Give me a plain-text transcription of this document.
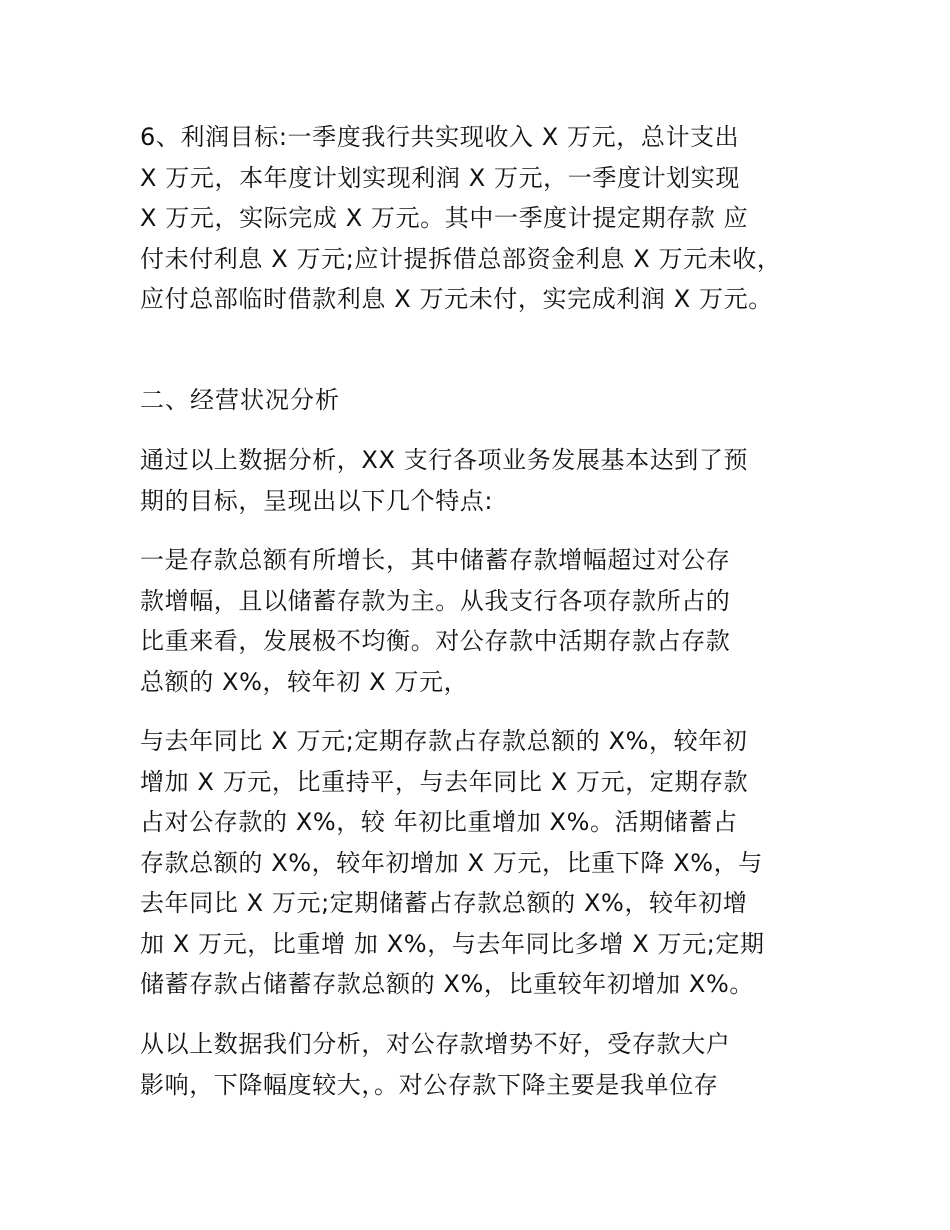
6、利润目标:一季度我行共实现收入 X 万元，总计支出
X 万元，本年度计划实现利润 X 万元，一季度计划实现
X 万元，实际完成 X 万元。其中一季度计提定期存款 应
付未付利息 X 万元;应计提拆借总部资金利息 X 万元未收，
应付总部临时借款利息 X 万元未付，实完成利润 X 万元。
二、经营状况分析
通过以上数据分析，XX 支行各项业务发展基本达到了预
期的目标，呈现出以下几个特点:
一是存款总额有所增长，其中储蓄存款增幅超过对公存
款增幅，且以储蓄存款为主。从我支行各项存款所占的
比重来看，发展极不均衡。对公存款中活期存款占存款
总额的 X%，较年初 X 万元，
与去年同比 X 万元;定期存款占存款总额的 X%，较年初
增加 X 万元，比重持平，与去年同比 X 万元，定期存款
占对公存款的 X%，较 年初比重增加 X%。活期储蓄占
存款总额的 X%，较年初增加 X 万元，比重下降 X%，与
去年同比 X 万元;定期储蓄占存款总额的 X%，较年初增
加 X 万元，比重增 加 X%，与去年同比多增 X 万元;定期
储蓄存款占储蓄存款总额的 X%，比重较年初增加 X%。
从以上数据我们分析，对公存款增势不好，受存款大户
影响，下降幅度较大，。对公存款下降主要是我单位存
